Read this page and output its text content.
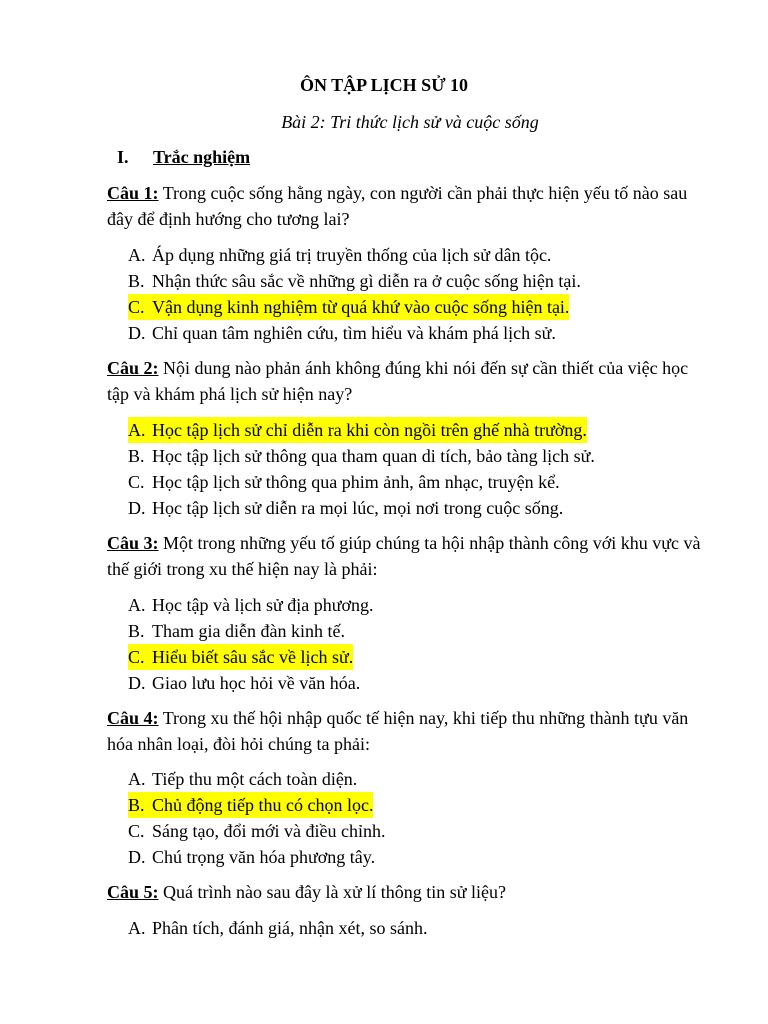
ÔN TẬP LỊCH SỬ 10
Bài 2: Tri thức lịch sử và cuộc sống
I. Trắc nghiệm
Câu 1: Trong cuộc sống hằng ngày, con người cần phải thực hiện yếu tố nào sau đây để định hướng cho tương lai?
A. Áp dụng những giá trị truyền thống của lịch sử dân tộc.
B. Nhận thức sâu sắc về những gì diễn ra ở cuộc sống hiện tại.
C. Vận dụng kinh nghiệm từ quá khứ vào cuộc sống hiện tại.
D. Chỉ quan tâm nghiên cứu, tìm hiểu và khám phá lịch sử.
Câu 2: Nội dung nào phản ánh không đúng khi nói đến sự cần thiết của việc học tập và khám phá lịch sử hiện nay?
A. Học tập lịch sử chỉ diễn ra khi còn ngồi trên ghế nhà trường.
B. Học tập lịch sử thông qua tham quan di tích, bảo tàng lịch sử.
C. Học tập lịch sử thông qua phim ảnh, âm nhạc, truyện kể.
D. Học tập lịch sử diễn ra mọi lúc, mọi nơi trong cuộc sống.
Câu 3: Một trong những yếu tố giúp chúng ta hội nhập thành công với khu vực và thế giới trong xu thế hiện nay là phải:
A. Học tập và lịch sử địa phương.
B. Tham gia diễn đàn kinh tế.
C. Hiểu biết sâu sắc về lịch sử.
D. Giao lưu học hỏi về văn hóa.
Câu 4: Trong xu thế hội nhập quốc tế hiện nay, khi tiếp thu những thành tựu văn hóa nhân loại, đòi hỏi chúng ta phải:
A. Tiếp thu một cách toàn diện.
B. Chủ động tiếp thu có chọn lọc.
C. Sáng tạo, đổi mới và điều chỉnh.
D. Chú trọng văn hóa phương tây.
Câu 5: Quá trình nào sau đây là xử lí thông tin sử liệu?
A. Phân tích, đánh giá, nhận xét, so sánh.
